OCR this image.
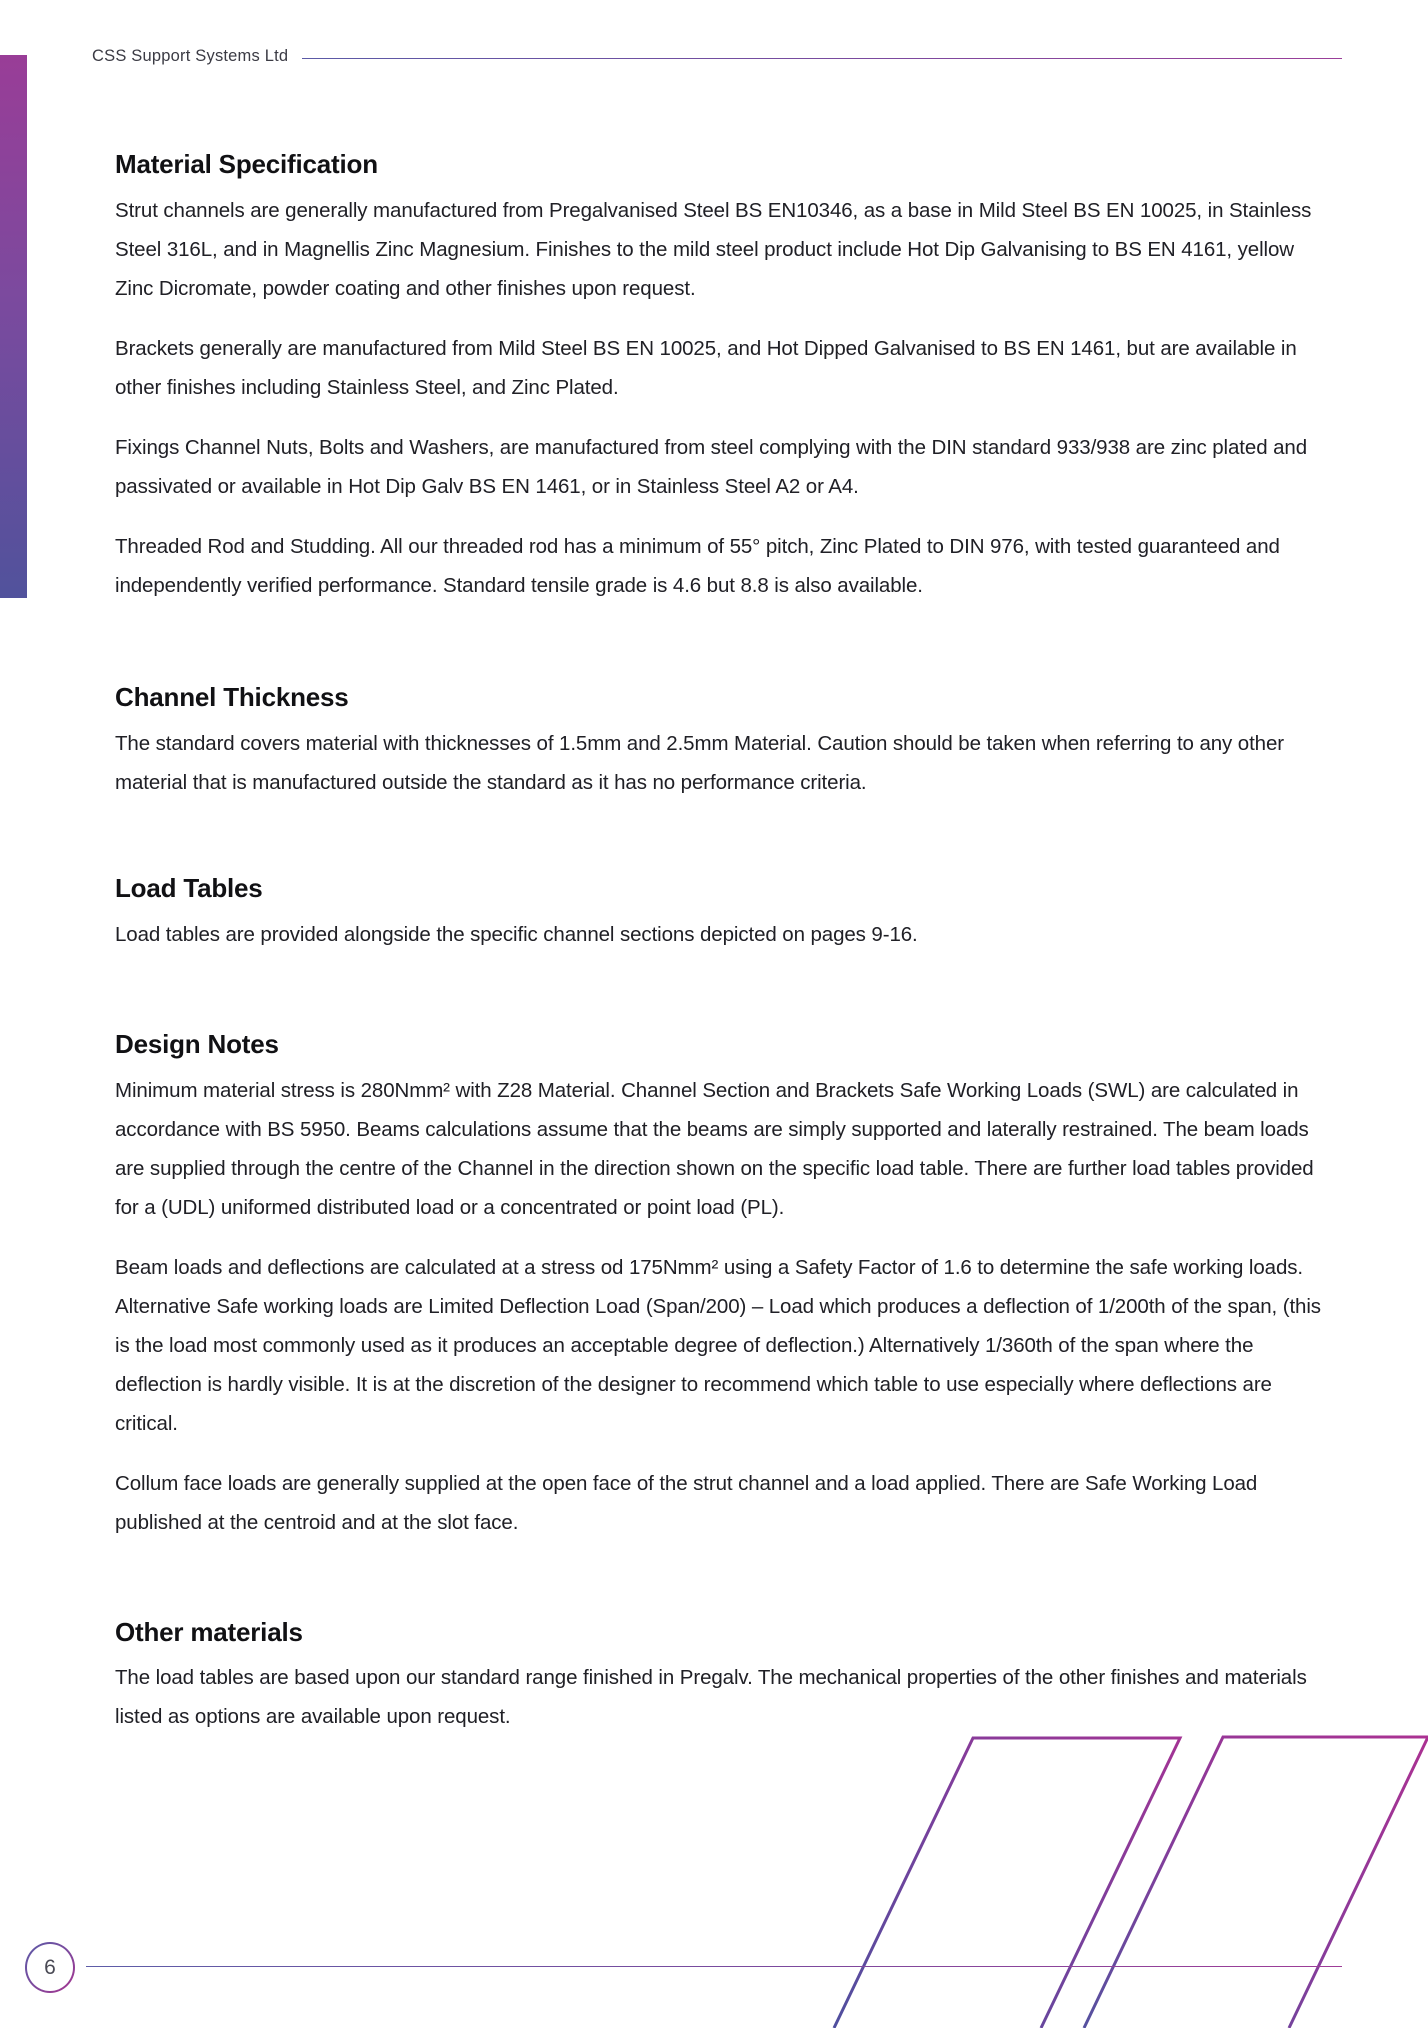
CSS Support Systems Ltd
Material Specification

Strut channels are generally manufactured from Pregalvanised Steel BS EN10346, as a base in Mild Steel BS EN 10025, in Stainless Steel 316L, and in Magnellis Zinc Magnesium. Finishes to the mild steel product include Hot Dip Galvanising to BS EN 4161, yellow Zinc Dicromate, powder coating and other finishes upon request.

Brackets generally are manufactured from Mild Steel BS EN 10025, and Hot Dipped Galvanised to BS EN 1461, but are available in other finishes including Stainless Steel, and Zinc Plated.

Fixings Channel Nuts, Bolts and Washers, are manufactured from steel complying with the DIN standard 933/938 are zinc plated and passivated or available in Hot Dip Galv BS EN 1461, or in Stainless Steel A2 or A4.

Threaded Rod and Studding. All our threaded rod has a minimum of 55° pitch, Zinc Plated to DIN 976, with tested guaranteed and independently verified performance. Standard tensile grade is 4.6 but 8.8 is also available.

Channel Thickness

The standard covers material with thicknesses of 1.5mm and 2.5mm Material. Caution should be taken when referring to any other material that is manufactured outside the standard as it has no performance criteria.

Load Tables

Load tables are provided alongside the specific channel sections depicted on pages 9-16.

Design Notes

Minimum material stress is 280Nmm² with Z28 Material. Channel Section and Brackets Safe Working Loads (SWL) are calculated in accordance with BS 5950. Beams calculations assume that the beams are simply supported and laterally restrained. The beam loads are supplied through the centre of the Channel in the direction shown on the specific load table. There are further load tables provided for a (UDL) uniformed distributed load or a concentrated or point load (PL).

Beam loads and deflections are calculated at a stress od 175Nmm² using a Safety Factor of 1.6 to determine the safe working loads. Alternative Safe working loads are Limited Deflection Load (Span/200) – Load which produces a deflection of 1/200th of the span, (this is the load most commonly used as it produces an acceptable degree of deflection.) Alternatively 1/360th of the span where the deflection is hardly visible. It is at the discretion of the designer to recommend which table to use especially where deflections are critical.

Collum face loads are generally supplied at the open face of the strut channel and a load applied. There are Safe Working Load published at the centroid and at the slot face.

Other materials

The load tables are based upon our standard range finished in Pregalv. The mechanical properties of the other finishes and materials listed as options are available upon request.

6
